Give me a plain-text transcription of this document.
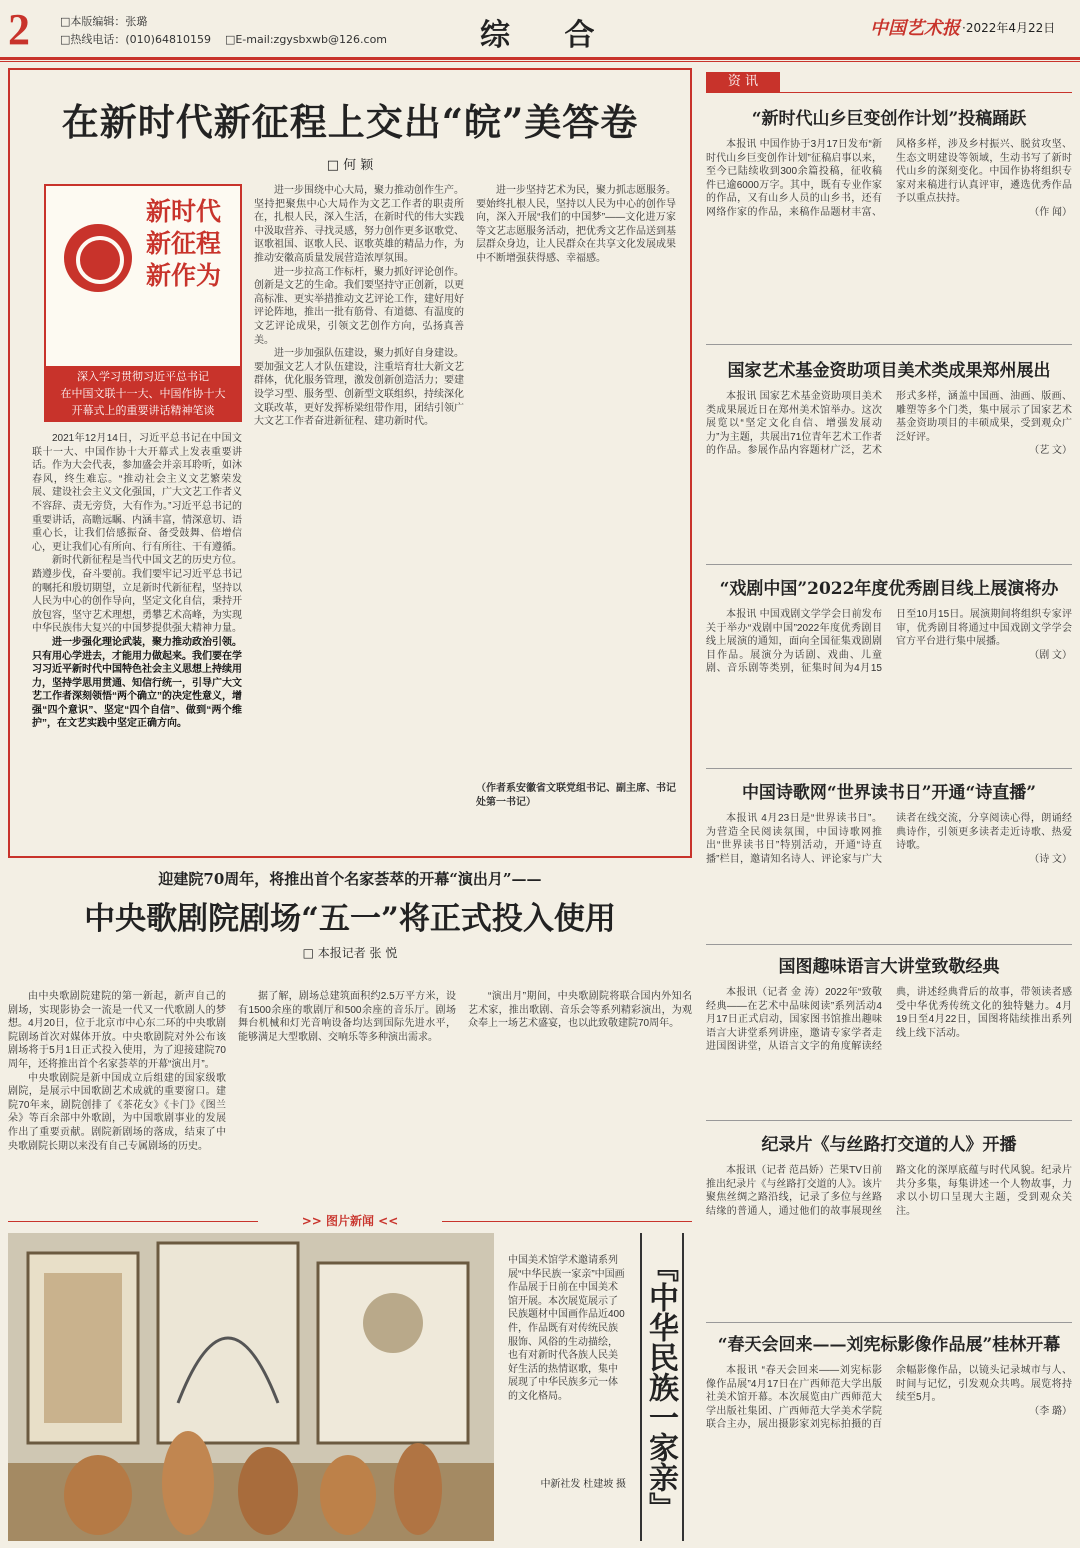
2	□本版编辑：张璐
□热线电话：(010)64810159 □E-mail:zgysbxwb@126.com	综 合	中国艺术报 ·2022年4月22日
在新时代新征程上交出“皖”美答卷
□ 何 颖
新时代
新征程
新作为
深入学习贯彻习近平总书记
在中国文联十一大、中国作协十大
开幕式上的重要讲话精神笔谈

2021年12月14日，习近平总书记在中国文联十一大、中国作协十大开幕式上发表重要讲话。作为大会代表，参加盛会并亲耳聆听，如沐春风，终生难忘。“推动社会主义文艺繁荣发展、建设社会主义文化强国，广大文艺工作者义不容辞、责无旁贷，大有作为。”习近平总书记的重要讲话，高瞻远瞩、内涵丰富，情深意切、语重心长，让我们倍感振奋、备受鼓舞、倍增信心，更让我们心有所向、行有所往、干有遵循。

新时代新征程是当代中国文艺的历史方位。踏遵步伐，奋斗要前。我们要牢记习近平总书记的嘱托和殷切期望，立足新时代新征程，坚持以人民为中心的创作导向，坚定文化自信，秉持开放包容，坚守艺术理想，勇攀艺术高峰，为实现中华民族伟大复兴的中国梦提供强大精神力量。

进一步强化理论武装，聚力推动政治引领。只有用心学进去，才能用力做起来。我们要在学习习近平新时代中国特色社会主义思想上持续用力，坚持学思用贯通、知信行统一，引导广大文艺工作者深刻领悟“两个确立”的决定性意义，增强“四个意识”、坚定“四个自信”、做到“两个维护”，在文艺实践中坚定正确方向。

进一步围绕中心大局，聚力推动创作生产。坚持把聚焦中心大局作为文艺工作者的职责所在，扎根人民，深入生活，在新时代的伟大实践中汲取营养、寻找灵感，努力创作更多讴歌党、讴歌祖国、讴歌人民、讴歌英雄的精品力作，为推动安徽高质量发展营造浓厚氛围。

进一步拉高工作标杆，聚力抓好评论创作。创新是文艺的生命。我们要坚持守正创新，以更高标准、更实举措推动文艺评论工作，建好用好评论阵地，推出一批有筋骨、有道德、有温度的文艺评论成果，引领文艺创作方向，弘扬真善美。

进一步加强队伍建设，聚力抓好自身建设。要加强文艺人才队伍建设，注重培育壮大新文艺群体，优化服务管理，激发创新创造活力；要建设学习型、服务型、创新型文联组织，持续深化文联改革，更好发挥桥梁纽带作用，团结引领广大文艺工作者奋进新征程、建功新时代。

进一步坚持艺术为民，聚力抓志愿服务。要始终扎根人民，坚持以人民为中心的创作导向，深入开展“我们的中国梦”——文化进万家等文艺志愿服务活动，把优秀文艺作品送到基层群众身边，让人民群众在共享文化发展成果中不断增强获得感、幸福感。

（作者系安徽省文联党组书记、副主席、书记处第一书记）
迎建院70周年，将推出首个名家荟萃的开幕“演出月”——
中央歌剧院剧场“五一”将正式投入使用
□ 本报记者 张 悦

由中央歌剧院建院的第一新起，新声自己的剧场，实现影协会一流是一代又一代歌剧人的梦想。4月20日，位于北京市中心东二环的中央歌剧院剧场首次对媒体开放。中央歌剧院对外公布该剧场将于5月1日正式投入使用，为了迎接建院70周年，还将推出首个名家荟萃的开幕“演出月”。

中央歌剧院是新中国成立后组建的国家级歌剧院，是展示中国歌剧艺术成就的重要窗口。建院70年来，剧院创排了《茶花女》《卡门》《图兰朵》等百余部中外歌剧，为中国歌剧事业的发展作出了重要贡献。剧院新剧场的落成，结束了中央歌剧院长期以来没有自己专属剧场的历史。

据了解，剧场总建筑面积约2.5万平方米，设有1500余座的歌剧厅和500余座的音乐厅。剧场舞台机械和灯光音响设备均达到国际先进水平，能够满足大型歌剧、交响乐等多种演出需求。

“演出月”期间，中央歌剧院将联合国内外知名艺术家，推出歌剧、音乐会等系列精彩演出，为观众奉上一场艺术盛宴，也以此致敬建院70周年。

>> 图片新闻 <<
中国美术馆学术邀请系列展“中华民族一家亲”中国画作品展于日前在中国美术馆开展。本次展览展示了民族题材中国画作品近400件，作品既有对传统民族服饰、风俗的生动描绘，也有对新时代各族人民美好生活的热情讴歌，集中展现了中华民族多元一体的文化格局。
中新社发 杜建坡 摄 『中华民族一家亲』
资 讯
“新时代山乡巨变创作计划”投稿踊跃

本报讯 中国作协于3月17日发布“新时代山乡巨变创作计划”征稿启事以来，至今已陆续收到300余篇投稿，征收稿件已逾6000万字。其中，既有专业作家的作品，又有山乡人员的山乡书，还有网络作家的作品，来稿作品题材丰富、风格多样，涉及乡村振兴、脱贫攻坚、生态文明建设等领域，生动书写了新时代山乡的深刻变化。中国作协将组织专家对来稿进行认真评审，遴选优秀作品予以重点扶持。

（作 闻）
国家艺术基金资助项目美术类成果郑州展出

本报讯 国家艺术基金资助项目美术类成果展近日在郑州美术馆举办。这次展览以“坚定文化自信、增强发展动力”为主题，共展出71位青年艺术工作者的作品。参展作品内容题材广泛，艺术形式多样，涵盖中国画、油画、版画、雕塑等多个门类，集中展示了国家艺术基金资助项目的丰硕成果，受到观众广泛好评。

（艺 文）
“戏剧中国”2022年度优秀剧目线上展演将办

本报讯 中国戏剧文学学会日前发布关于举办“戏剧中国”2022年度优秀剧目线上展演的通知，面向全国征集戏剧剧目作品。展演分为话剧、戏曲、儿童剧、音乐剧等类别，征集时间为4月15日至10月15日。展演期间将组织专家评审，优秀剧目将通过中国戏剧文学学会官方平台进行集中展播。

（剧 文）
中国诗歌网“世界读书日”开通“诗直播”

本报讯 4月23日是“世界读书日”。为营造全民阅读氛围，中国诗歌网推出“世界读书日”特别活动，开通“诗直播”栏目，邀请知名诗人、评论家与广大读者在线交流，分享阅读心得，朗诵经典诗作，引领更多读者走近诗歌、热爱诗歌。

（诗 文）
国图趣味语言大讲堂致敬经典

本报讯（记者 金 涛）2022年“致敬经典——在艺术中品味阅读”系列活动4月17日正式启动，国家图书馆推出趣味语言大讲堂系列讲座，邀请专家学者走进国图讲堂，从语言文字的角度解读经典，讲述经典背后的故事，带领读者感受中华优秀传统文化的独特魅力。4月19日至4月22日，国图将陆续推出系列线上线下活动。

纪录片《与丝路打交道的人》开播

本报讯（记者 范昌娇）芒果TV日前推出纪录片《与丝路打交道的人》。该片聚焦丝绸之路沿线，记录了多位与丝路结缘的普通人，通过他们的故事展现丝路文化的深厚底蕴与时代风貌。纪录片共分多集，每集讲述一个人物故事，力求以小切口呈现大主题，受到观众关注。

“春天会回来——刘宪标影像作品展”桂林开幕

本报讯 “春天会回来——刘宪标影像作品展”4月17日在广西师范大学出版社美术馆开幕。本次展览由广西师范大学出版社集团、广西师范大学美术学院联合主办，展出摄影家刘宪标拍摄的百余幅影像作品，以镜头记录城市与人、时间与记忆，引发观众共鸣。展览将持续至5月。

（李 璐）
